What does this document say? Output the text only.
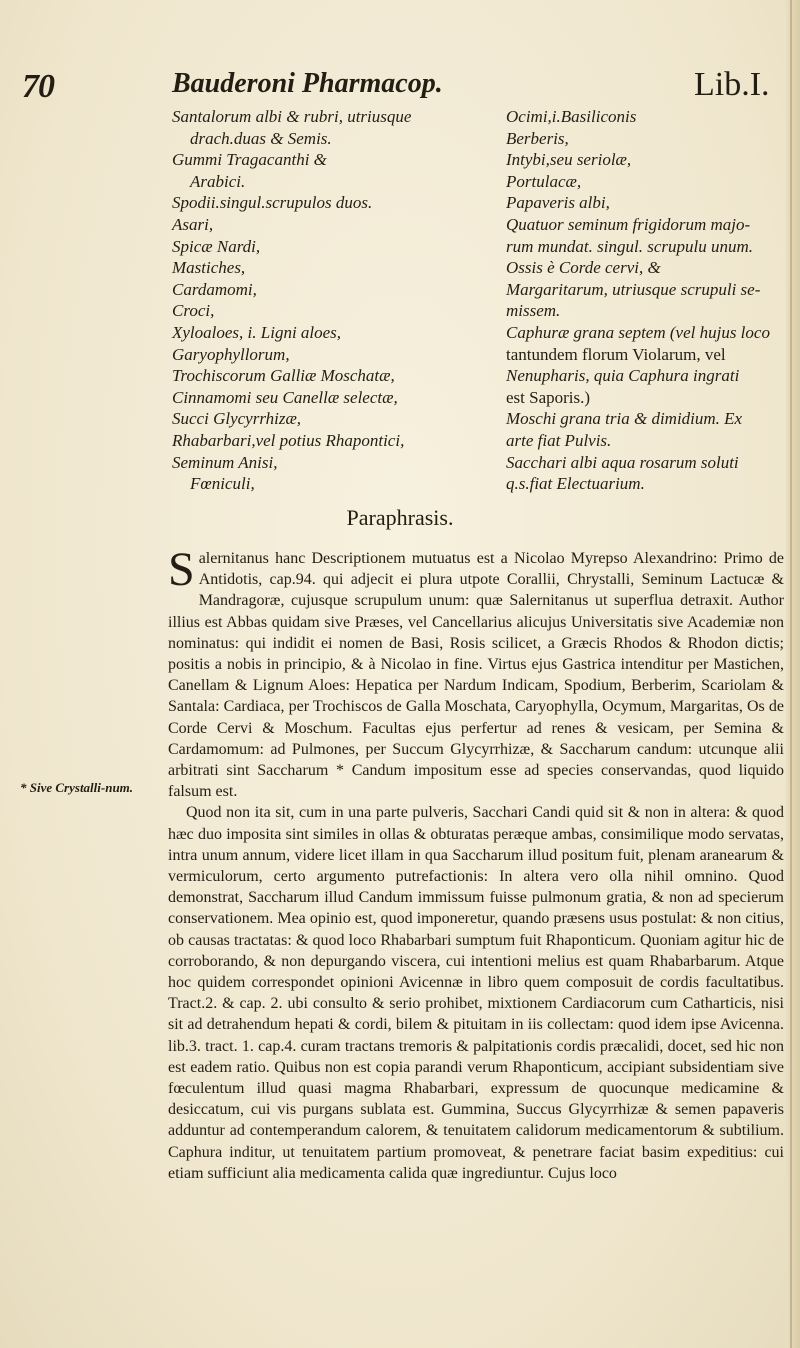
70	Bauderoni Pharmacop.	Lib.I.
Santalorum albi & rubri, utriusque
drach.duas & Semis.
Gummi Tragacanthi &
Arabici.
Spodii.singul.scrupulos duos.
Asari,
Spicæ Nardi,
Mastiches,
Cardamomi,
Croci,
Xyloaloes, i. Ligni aloes,
Garyophyllorum,
Trochiscorum Galliæ Moschatæ,
Cinnamomi seu Canellæ selectæ,
Succi Glycyrrhizæ,
Rhabarbari,vel potius Rhapontici,
Seminum Anisi,
Fœniculi,
Ocimi,i.Basiliconis
Berberis,
Intybi,seu seriolæ,
Portulacæ,
Papaveris albi,
Quatuor seminum frigidorum majo-
rum mundat. singul. scrupulu unum.
Ossis è Corde cervi, &
Margaritarum, utriusque scrupuli se-
missem.
Caphuræ grana septem (vel hujus loco
tantundem florum Violarum, vel
Nenupharis, quia Caphura ingrati
est Saporis.)
Moschi grana tria & dimidium. Ex
arte fiat Pulvis.
Sacchari albi aqua rosarum soluti
q.s.fiat Electuarium.
Paraphrasis.
* Sive Crystalli-num.

Salernitanus hanc Descriptionem mutuatus est a Nicolao Myrepso Alexandrino: Primo de Antidotis, cap.94. qui adjecit ei plura utpote Corallii, Chrystalli, Seminum Lactucæ & Mandragoræ, cujusque scrupulum unum: quæ Salernitanus ut superflua detraxit. Author illius est Abbas quidam sive Præses, vel Cancellarius alicujus Universitatis sive Academiæ non nominatus: qui indidit ei nomen de Basi, Rosis scilicet, a Græcis Rhodos & Rhodon dictis; positis a nobis in principio, & à Nicolao in fine. Virtus ejus Gastrica intenditur per Mastichen, Canellam & Lignum Aloes: Hepatica per Nardum Indicam, Spodium, Berberim, Scariolam & Santala: Cardiaca, per Trochiscos de Galla Moschata, Caryophylla, Ocymum, Margaritas, Os de Corde Cervi & Moschum. Facultas ejus perfertur ad renes & vesicam, per Semina & Cardamomum: ad Pulmones, per Succum Glycyrrhizæ, & Saccharum candum: utcunque alii arbitrati sint Saccharum * Candum impositum esse ad species conservandas, quod liquido falsum est.

Quod non ita sit, cum in una parte pulveris, Sacchari Candi quid sit & non in altera: & quod hæc duo imposita sint similes in ollas & obturatas peræque ambas, consimilique modo servatas, intra unum annum, videre licet illam in qua Saccharum illud positum fuit, plenam aranearum & vermiculorum, certo argumento putrefactionis: In altera vero olla nihil omnino. Quod demonstrat, Saccharum illud Candum immissum fuisse pulmonum gratia, & non ad specierum conservationem. Mea opinio est, quod imponeretur, quando præsens usus postulat: & non citius, ob causas tractatas: & quod loco Rhabarbari sumptum fuit Rhaponticum. Quoniam agitur hic de corroborando, & non depurgando viscera, cui intentioni melius est quam Rhabarbarum. Atque hoc quidem correspondet opinioni Avicennæ in libro quem composuit de cordis facultatibus. Tract.2. & cap. 2. ubi consulto & serio prohibet, mixtionem Cardiacorum cum Catharticis, nisi sit ad detrahendum hepati & cordi, bilem & pituitam in iis collectam: quod idem ipse Avicenna. lib.3. tract. 1. cap.4. curam tractans tremoris & palpitationis cordis præcalidi, docet, sed hic non est eadem ratio. Quibus non est copia parandi verum Rhaponticum, accipiant subsidentiam sive fœculentum illud quasi magma Rhabarbari, expressum de quocunque medicamine & desiccatum, cui vis purgans sublata est. Gummina, Succus Glycyrrhizæ & semen papaveris adduntur ad contemperandum calorem, & tenuitatem calidorum medicamentorum & subtilium. Caphura inditur, ut tenuitatem partium promoveat, & penetrare faciat basim expeditius: cui etiam sufficiunt alia medicamenta calida quæ ingrediuntur. Cujus loco
